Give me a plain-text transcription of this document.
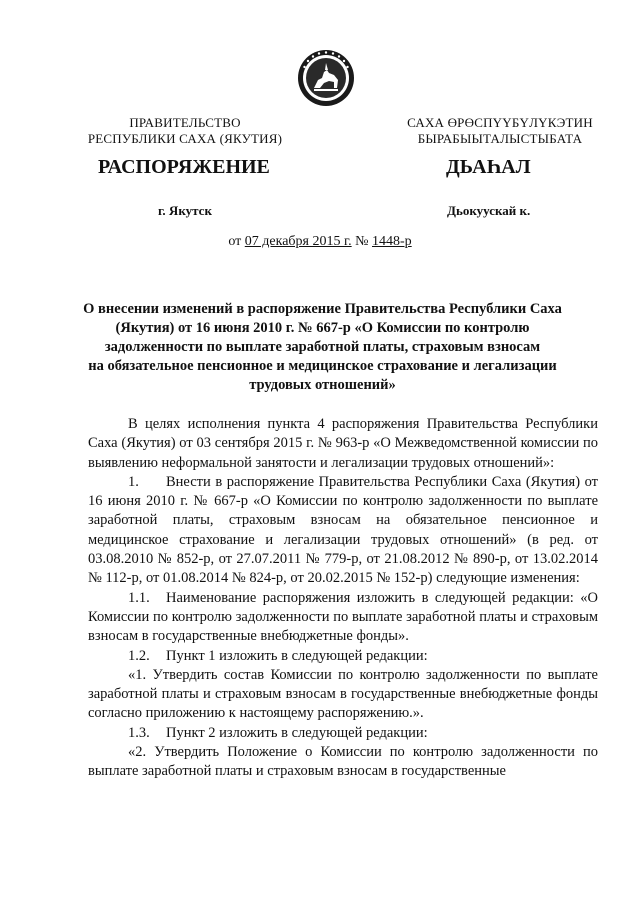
ПРАВИТЕЛЬСТВО
РЕСПУБЛИКИ САХА (ЯКУТИЯ)
САХА ӨРӨСПҮҮБҮЛҮКЭТИН
БЫРАБЫЫТАЛЫСТЫБАТА
РАСПОРЯЖЕНИЕ	ДЬАҺАЛ
г. Якутск	Дьокуускай к.
от 07 декабря 2015 г. № 1448-р
О внесении изменений в распоряжение Правительства Республики Саха
(Якутия) от 16 июня 2010 г. № 667-р «О Комиссии по контролю
задолженности по выплате заработной платы, страховым взносам
на обязательное пенсионное и медицинское страхование и легализации
трудовых отношений»

В целях исполнения пункта 4 распоряжения Правительства Республики Саха (Якутия) от 03 сентября 2015 г. № 963-р «О Межведомственной комиссии по выявлению неформальной занятости и легализации трудовых отношений»:

1. Внести в распоряжение Правительства Республики Саха (Якутия) от 16 июня 2010 г. № 667-р «О Комиссии по контролю задолженности по выплате заработной платы, страховым взносам на обязательное пенсионное и медицинское страхование и легализации трудовых отношений» (в ред. от 03.08.2010 № 852-р, от 27.07.2011 № 779-р, от 21.08.2012 № 890-р, от 13.02.2014 № 112-р, от 01.08.2014 № 824-р, от 20.02.2015 № 152-р) следующие изменения:

1.1. Наименование распоряжения изложить в следующей редакции: «О Комиссии по контролю задолженности по выплате заработной платы и страховым взносам в государственные внебюджетные фонды».

1.2. Пункт 1 изложить в следующей редакции:

«1. Утвердить состав Комиссии по контролю задолженности по выплате заработной платы и страховым взносам в государственные внебюджетные фонды согласно приложению к настоящему распоряжению.».

1.3. Пункт 2 изложить в следующей редакции:

«2. Утвердить Положение о Комиссии по контролю задолженности по выплате заработной платы и страховым взносам в государственные
